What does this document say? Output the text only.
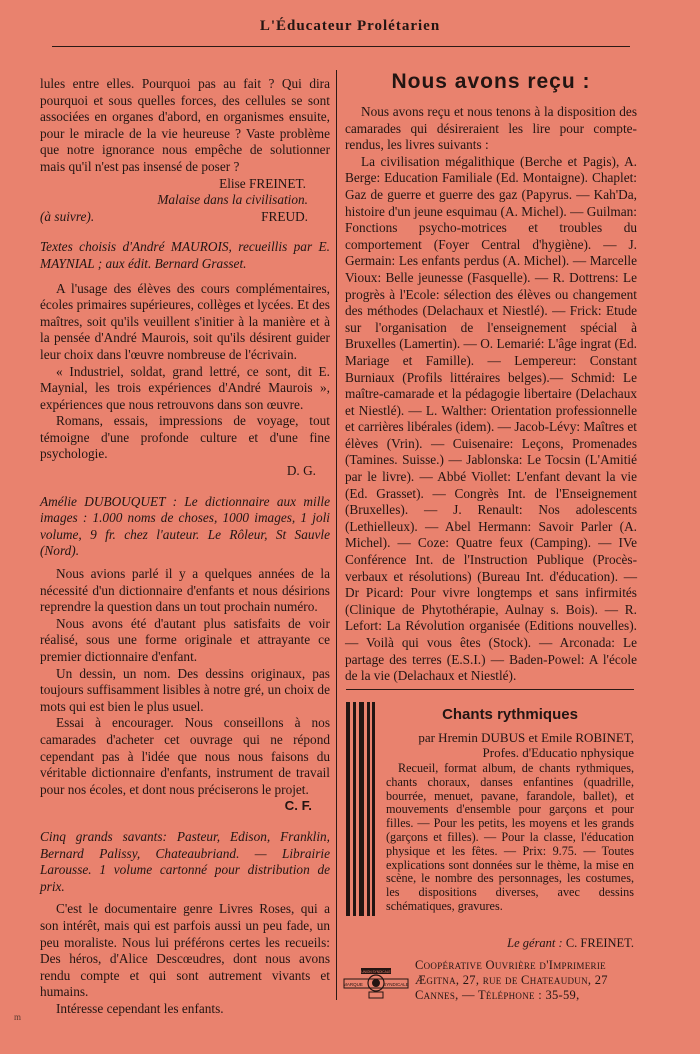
L'Éducateur Prolétarien

lules entre elles. Pourquoi pas au fait ? Qui dira pourquoi et sous quelles forces, des cellules se sont associées en organes d'abord, en organismes ensuite, pour le miracle de la vie heureuse ? Vaste problème que notre ignorance nous empêche de solutionner mais qu'il n'est pas insensé de poser ?

Elise FREINET.

Malaise dans la civilisation.

(à suivre).	FREUD.

Textes choisis d'André MAUROIS, recueillis par E. MAYNIAL ; aux édit. Bernard Grasset.

A l'usage des élèves des cours complémentaires, écoles primaires supérieures, collèges et lycées. Et des maîtres, soit qu'ils veuillent s'initier à la manière et à la pensée d'André Maurois, soit qu'ils désirent guider leur choix dans l'œuvre nombreuse de l'écrivain.

« Industriel, soldat, grand lettré, ce sont, dit E. Maynial, les trois expériences d'André Maurois », expériences que nous retrouvons dans son œuvre.

Romans, essais, impressions de voyage, tout témoigne d'une profonde culture et d'une fine psychologie.

D. G.

Amélie DUBOUQUET : Le dictionnaire aux mille images : 1.000 noms de choses, 1000 images, 1 joli volume, 9 fr. chez l'auteur. Le Rôleur, St Sauvle (Nord).

Nous avions parlé il y a quelques années de la nécessité d'un dictionnaire d'enfants et nous désirions reprendre la question dans un tout prochain numéro.

Nous avons été d'autant plus satisfaits de voir réalisé, sous une forme originale et attrayante ce premier dictionnaire d'enfant.

Un dessin, un nom. Des dessins originaux, pas toujours suffisamment lisibles à notre gré, un choix de mots qui est bien le plus usuel.

Essai à encourager. Nous conseillons à nos camarades d'acheter cet ouvrage qui ne répond cependant pas à l'idée que nous nous faisons du véritable dictionnaire d'enfants, instrument de travail pour nos écoles, et dont nous préciserons le projet.

C. F.

Cinq grands savants: Pasteur, Edison, Franklin, Bernard Palissy, Chateaubriand. — Librairie Larousse. 1 volume cartonné pour distribution de prix.

C'est le documentaire genre Livres Roses, qui a son intérêt, mais qui est parfois aussi un peu fade, un peu moraliste. Nous lui préférons certes les recueils: Des héros, d'Alice Descœudres, dont nous avons rendu compte et qui sont autrement vivants et humains.

Intéresse cependant les enfants.

Nous avons reçu :

Nous avons reçu et nous tenons à la disposition des camarades qui désireraient les lire pour compte-rendus, les livres suivants :

La civilisation mégalithique (Berche et Pagis), A. Berge: Education Familiale (Ed. Montaigne). Chaplet: Gaz de guerre et guerre des gaz (Papyrus. — Kah'Da, histoire d'un jeune esquimau (A. Michel). — Guilman: Fonctions psycho-motrices et troubles du comportement (Foyer Central d'hygiène). — J. Germain: Les enfants perdus (A. Michel). — Marcelle Vioux: Belle jeunesse (Fasquelle). — R. Dottrens: Le progrès à l'Ecole: sélection des élèves ou changement des méthodes (Delachaux et Niestlé). — Frick: Etude sur l'organisation de l'enseignement spécial à Bruxelles (Lamertin). — O. Lemarié: L'âge ingrat (Ed. Mariage et Famille). — Lempereur: Constant Burniaux (Profils littéraires belges).— Schmid: Le maître-camarade et la pédagogie libertaire (Delachaux et Niestlé). — L. Walther: Orientation professionnelle et carrières libérales (idem). — Jacob-Lévy: Maîtres et élèves (Vrin). — Cuisenaire: Leçons, Promenades (Tamines. Suisse.) — Jablonska: Le Tocsin (L'Amitié par le livre). — Abbé Viollet: L'enfant devant la vie (Ed. Grasset). — Congrès Int. de l'Enseignement (Bruxelles). — J. Renault: Nos adolescents (Lethielleux). — Abel Hermann: Savoir Parler (A. Michel). — Coze: Quatre feux (Camping). — IVe Conférence Int. de l'Instruction Publique (Procès-verbaux et résolutions) (Bureau Int. d'éducation). — Dr Picard: Pour vivre longtemps et sans infirmités (Clinique de Phytothérapie, Aulnay s. Bois). — R. Lefort: La Révolution organisée (Editions nouvelles). — Voilà qui vous êtes (Stock). — Arconada: Le partage des terres (E.S.I.) — Baden-Powel: A l'école de la vie (Delachaux et Niestlé).

Chants rythmiques
par Hremin DUBUS et Emile ROBINET, Profes. d'Educatio nphysique
Recueil, format album, de chants rythmiques, chants choraux, danses enfantines (quadrille, bourrée, menuet, pavane, farandole, ballet), et mouvements d'ensemble pour garçons et pour filles. — Pour les petits, les moyens et les grands (garçons et filles). — Pour la classe, l'éducation physique et les fêtes. — Prix: 9.75. — Toutes explications sont données sur le thème, la mise en scène, le nombre des personnages, les costumes, les dispositions diverses, avec dessins schématiques, gravures.
Le gérant : C. FREINET.
UNION SYNDICALE
MARQUE	SYNDICALE
Coopérative Ouvrière d'Imprimerie
Ægitna, 27, rue de Chateaudun, 27
Cannes, — Téléphone : 35-59,
m
